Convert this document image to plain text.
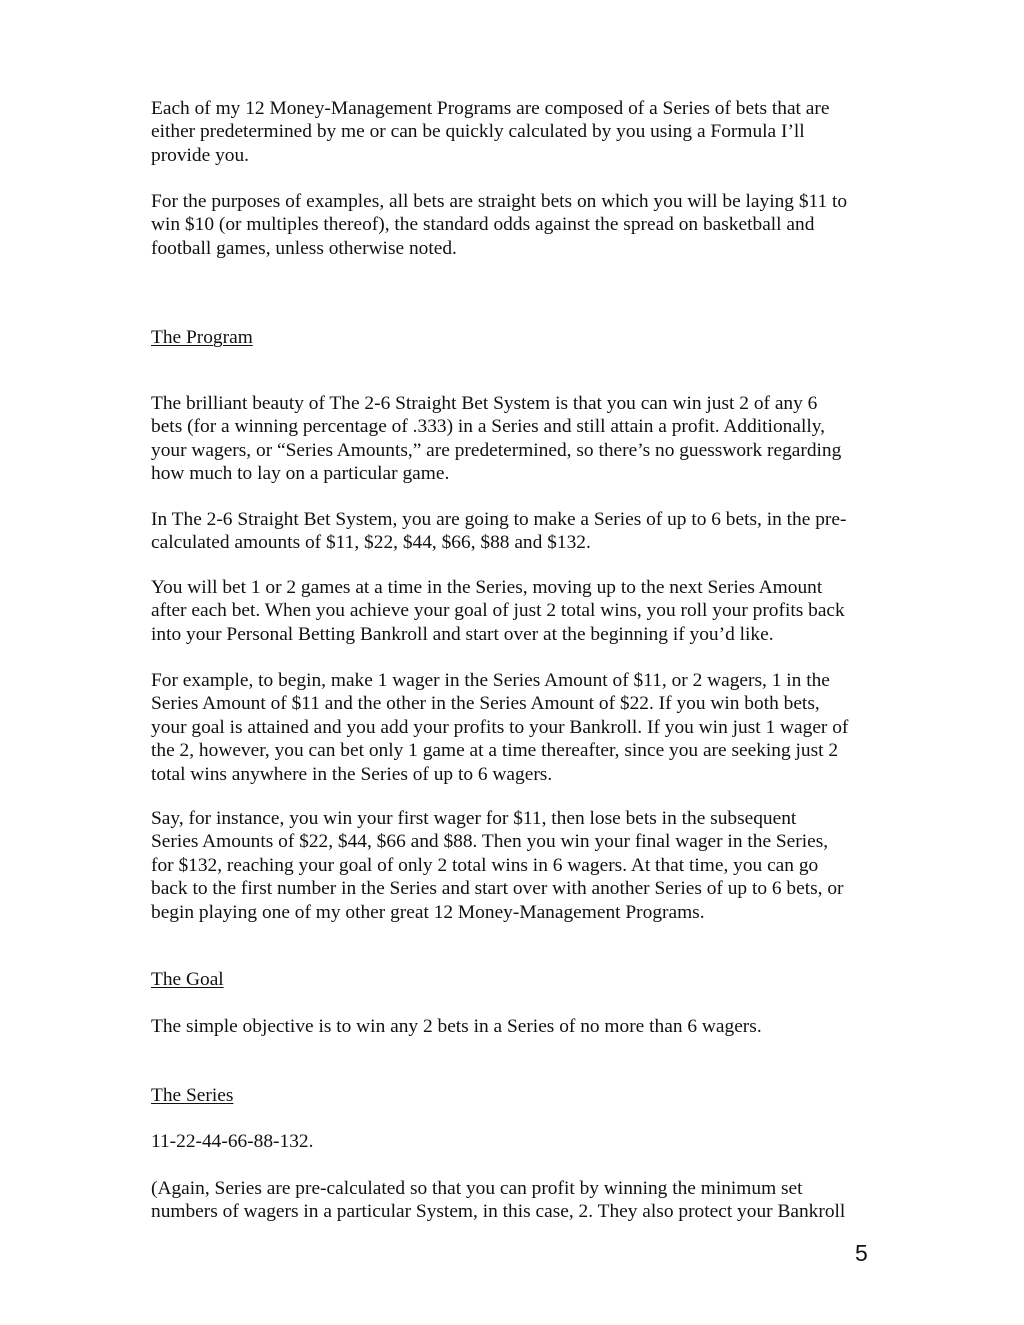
Each of my 12 Money-Management Programs are composed of a Series of bets that are
either predetermined by me or can be quickly calculated by you using a Formula I’ll
provide you.
For the purposes of examples, all bets are straight bets on which you will be laying $11 to
win $10 (or multiples thereof), the standard odds against the spread on basketball and
football games, unless otherwise noted.
The Program
The brilliant beauty of The 2-6 Straight Bet System is that you can win just 2 of any 6
bets (for a winning percentage of .333) in a Series and still attain a profit. Additionally,
your wagers, or “Series Amounts,” are predetermined, so there’s no guesswork regarding
how much to lay on a particular game.
In The 2-6 Straight Bet System, you are going to make a Series of up to 6 bets, in the pre-
calculated amounts of $11, $22, $44, $66, $88 and $132.
You will bet 1 or 2 games at a time in the Series, moving up to the next Series Amount
after each bet. When you achieve your goal of just 2 total wins, you roll your profits back
into your Personal Betting Bankroll and start over at the beginning if you’d like.
For example, to begin, make 1 wager in the Series Amount of $11, or 2 wagers, 1 in the
Series Amount of $11 and the other in the Series Amount of $22. If you win both bets,
your goal is attained and you add your profits to your Bankroll. If you win just 1 wager of
the 2, however, you can bet only 1 game at a time thereafter, since you are seeking just 2
total wins anywhere in the Series of up to 6 wagers.
Say, for instance, you win your first wager for $11, then lose bets in the subsequent
Series Amounts of $22, $44, $66 and $88. Then you win your final wager in the Series,
for $132, reaching your goal of only 2 total wins in 6 wagers. At that time, you can go
back to the first number in the Series and start over with another Series of up to 6 bets, or
begin playing one of my other great 12 Money-Management Programs.
The Goal
The simple objective is to win any 2 bets in a Series of no more than 6 wagers.
The Series
11-22-44-66-88-132.
(Again, Series are pre-calculated so that you can profit by winning the minimum set
numbers of wagers in a particular System, in this case, 2. They also protect your Bankroll
5
